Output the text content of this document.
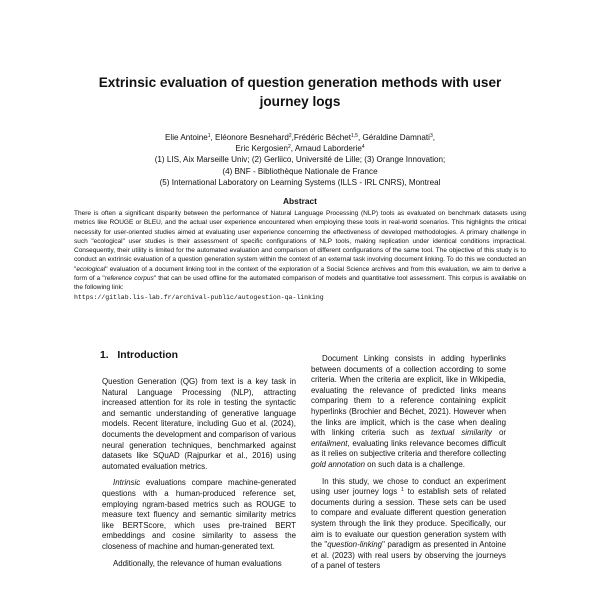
Extrinsic evaluation of question generation methods with user
journey logs
Elie Antoine$^1$, Eléonore Besnehard$^2$,Frédéric Béchet$^{1,5}$, Géraldine Damnati$^3$,
Eric Kergosien$^2$, Arnaud Laborderie$^4$
(1) LIS, Aix Marseille Univ; (2) Gerliico, Université de Lille; (3) Orange Innovation;
(4) BNF - Bibliothèque Nationale de France
(5) International Laboratory on Learning Systems (ILLS - IRL CNRS), Montreal
Abstract
There is often a significant disparity between the performance of Natural Language Processing (NLP) tools as evaluated on benchmark datasets using metrics like ROUGE or BLEU, and the actual user experience encountered when employing these tools in real-world scenarios. This highlights the critical necessity for user-oriented studies aimed at evaluating user experience concerning the effectiveness of developed methodologies. A primary challenge in such "ecological" user studies is their assessment of specific configurations of NLP tools, making replication under identical conditions impractical. Consequently, their utility is limited for the automated evaluation and comparison of different configurations of the same tool. The objective of this study is to conduct an extrinsic evaluation of a question generation system within the context of an external task involving document linking. To do this we conducted an "ecological" evaluation of a document linking tool in the context of the exploration of a Social Science archives and from this evaluation, we aim to derive a form of a "reference corpus" that can be used offline for the automated comparison of models and quantitative tool assessment. This corpus is available on the following link:
https://gitlab.lis-lab.fr/archival-public/autogestion-qa-linking
1. Introduction

Question Generation (QG) from text is a key task in Natural Language Processing (NLP), attracting increased attention for its role in testing the syntactic and semantic understanding of generative language models. Recent literature, including Guo et al. (2024), documents the development and comparison of various neural generation techniques, benchmarked against datasets like SQuAD (Rajpurkar et al., 2016) using automated evaluation metrics.

Intrinsic evaluations compare machine-generated questions with a human-produced reference set, employing ngram-based metrics such as ROUGE to measure text fluency and semantic similarity metrics like BERTScore, which uses pre-trained BERT embeddings and cosine similarity to assess the closeness of machine and human-generated text.

Additionally, the relevance of human evaluations

Document Linking consists in adding hyperlinks between documents of a collection according to some criteria. When the criteria are explicit, like in Wikipedia, evaluating the relevance of predicted links means comparing them to a reference containing explicit hyperlinks (Brochier and Béchet, 2021). However when the links are implicit, which is the case when dealing with linking criteria such as textual similarity or entailment, evaluating links relevance becomes difficult as it relies on subjective criteria and therefore collecting gold annotation on such data is a challenge.

In this study, we chose to conduct an experiment using user journey logs $^1$ to establish sets of related documents during a session. These sets can be used to compare and evaluate different question generation system through the link they produce. Specifically, our aim is to evaluate our question generation system with the "question-linking" paradigm as presented in Antoine et al. (2023) with real users by observing the journeys of a panel of testers
